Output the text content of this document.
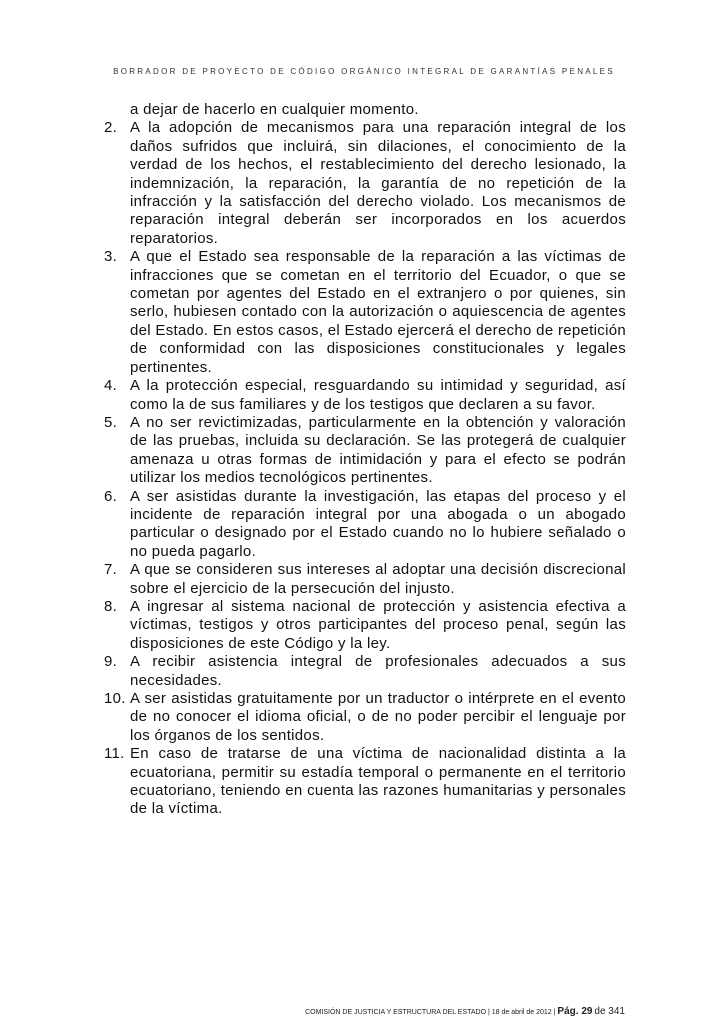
BORRADOR DE PROYECTO DE CÓDIGO ORGÁNICO INTEGRAL DE GARANTÍAS PENALES
a dejar de hacerlo en cualquier momento.
2. A la adopción de mecanismos para una reparación integral de los daños sufridos que incluirá, sin dilaciones, el conocimiento de la verdad de los hechos, el restablecimiento del derecho lesionado, la indemnización, la reparación, la garantía de no repetición de la infracción y la satisfacción del derecho violado. Los mecanismos de reparación integral deberán ser incorporados en los acuerdos reparatorios.
3. A que el Estado sea responsable de la reparación a las víctimas de infracciones que se cometan en el territorio del Ecuador, o que se cometan por agentes del Estado en el extranjero o por quienes, sin serlo, hubiesen contado con la autorización o aquiescencia de agentes del Estado. En estos casos, el Estado ejercerá el derecho de repetición de conformidad con las disposiciones constitucionales y legales pertinentes.
4. A la protección especial, resguardando su intimidad y seguridad, así como la de sus familiares y de los testigos que declaren a su favor.
5. A no ser revictimizadas, particularmente en la obtención y valoración de las pruebas, incluida su declaración. Se las protegerá de cualquier amenaza u otras formas de intimidación y para el efecto se podrán utilizar los medios tecnológicos pertinentes.
6. A ser asistidas durante la investigación, las etapas del proceso y el incidente de reparación integral por una abogada o un abogado particular o designado por el Estado cuando no lo hubiere señalado o no pueda pagarlo.
7. A que se consideren sus intereses al adoptar una decisión discrecional sobre el ejercicio de la persecución del injusto.
8. A ingresar al sistema nacional de protección y asistencia efectiva a víctimas, testigos y otros participantes del proceso penal, según las disposiciones de este Código y la ley.
9. A recibir asistencia integral de profesionales adecuados a sus necesidades.
10. A ser asistidas gratuitamente por un traductor o intérprete en el evento de no conocer el idioma oficial, o de no poder percibir el lenguaje por los órganos de los sentidos.
11. En caso de tratarse de una víctima de nacionalidad distinta a la ecuatoriana, permitir su estadía temporal o permanente en el territorio ecuatoriano, teniendo en cuenta las razones humanitarias y personales de la víctima.
COMISIÓN DE JUSTICIA Y ESTRUCTURA DEL ESTADO | 18 de abril de 2012 | Pág. 29 de 341
